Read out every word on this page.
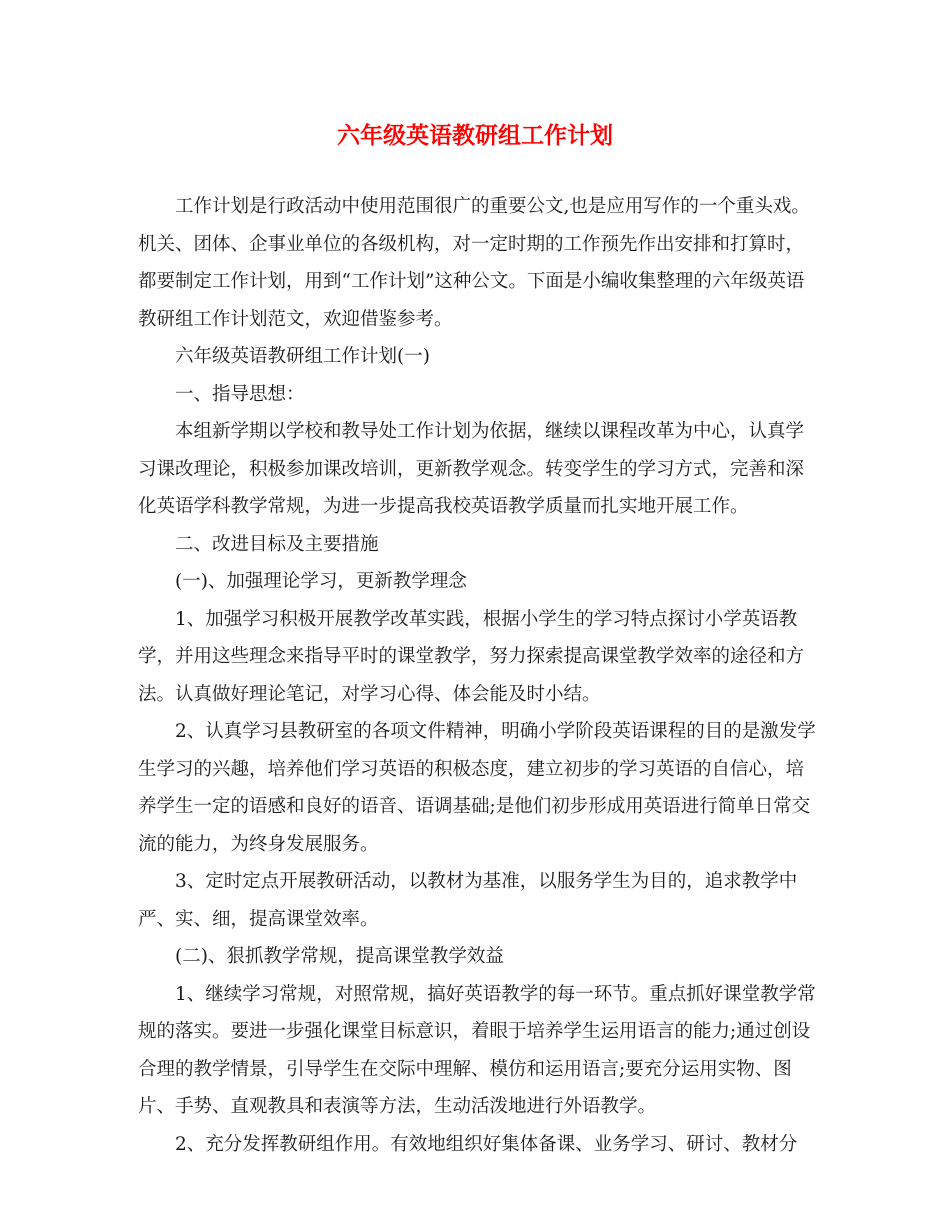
六年级英语教研组工作计划

工作计划是行政活动中使用范围很广的重要公文,也是应用写作的一个重头戏。机关、团体、企事业单位的各级机构，对一定时期的工作预先作出安排和打算时，都要制定工作计划，用到“工作计划”这种公文。下面是小编收集整理的六年级英语教研组工作计划范文，欢迎借鉴参考。

六年级英语教研组工作计划(一)

一、指导思想：

本组新学期以学校和教导处工作计划为依据，继续以课程改革为中心，认真学习课改理论，积极参加课改培训，更新教学观念。转变学生的学习方式，完善和深化英语学科教学常规，为进一步提高我校英语教学质量而扎实地开展工作。

二、改进目标及主要措施

(一)、加强理论学习，更新教学理念

1、加强学习积极开展教学改革实践，根据小学生的学习特点探讨小学英语教学，并用这些理念来指导平时的课堂教学，努力探索提高课堂教学效率的途径和方法。认真做好理论笔记，对学习心得、体会能及时小结。

2、认真学习县教研室的各项文件精神，明确小学阶段英语课程的目的是激发学生学习的兴趣，培养他们学习英语的积极态度，建立初步的学习英语的自信心，培养学生一定的语感和良好的语音、语调基础;是他们初步形成用英语进行简单日常交流的能力，为终身发展服务。

3、定时定点开展教研活动，以教材为基准，以服务学生为目的，追求教学中严、实、细，提高课堂效率。

(二)、狠抓教学常规，提高课堂教学效益

1、继续学习常规，对照常规，搞好英语教学的每一环节。重点抓好课堂教学常规的落实。要进一步强化课堂目标意识，着眼于培养学生运用语言的能力;通过创设合理的教学情景，引导学生在交际中理解、模仿和运用语言;要充分运用实物、图片、手势、直观教具和表演等方法，生动活泼地进行外语教学。

2、充分发挥教研组作用。有效地组织好集体备课、业务学习、研讨、教材分
